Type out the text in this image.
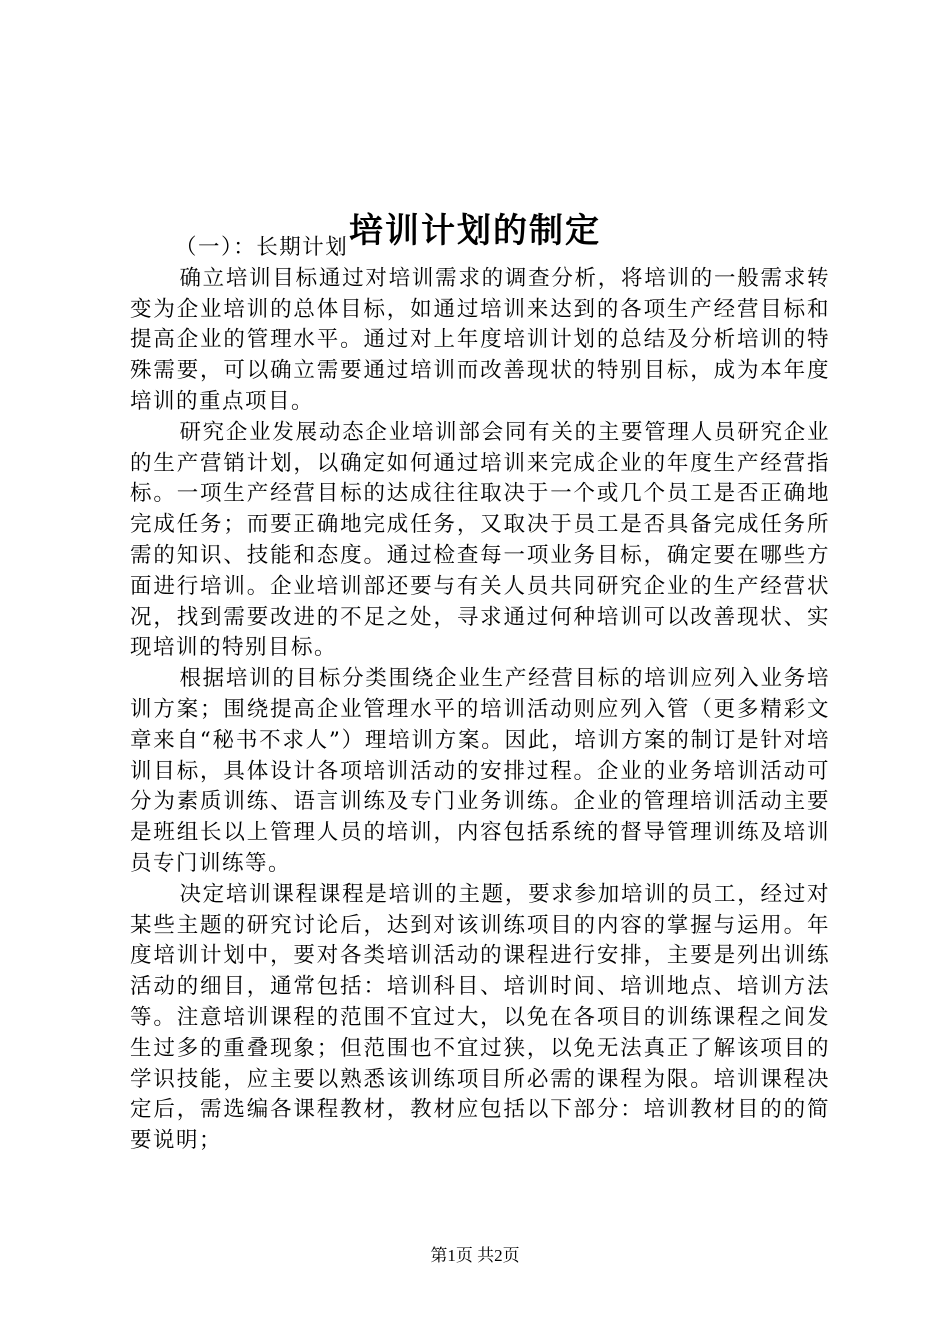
培训计划的制定

（一）：长期计划

确立培训目标通过对培训需求的调查分析，将培训的一般需求转变为企业培训的总体目标，如通过培训来达到的各项生产经营目标和提高企业的管理水平。通过对上年度培训计划的总结及分析培训的特殊需要，可以确立需要通过培训而改善现状的特别目标，成为本年度培训的重点项目。

研究企业发展动态企业培训部会同有关的主要管理人员研究企业的生产营销计划，以确定如何通过培训来完成企业的年度生产经营指标。一项生产经营目标的达成往往取决于一个或几个员工是否正确地完成任务；而要正确地完成任务，又取决于员工是否具备完成任务所需的知识、技能和态度。通过检查每一项业务目标，确定要在哪些方面进行培训。企业培训部还要与有关人员共同研究企业的生产经营状况，找到需要改进的不足之处，寻求通过何种培训可以改善现状、实现培训的特别目标。

根据培训的目标分类围绕企业生产经营目标的培训应列入业务培训方案；围绕提高企业管理水平的培训活动则应列入管（更多精彩文章来自“秘书不求人”）理培训方案。因此，培训方案的制订是针对培训目标，具体设计各项培训活动的安排过程。企业的业务培训活动可分为素质训练、语言训练及专门业务训练。企业的管理培训活动主要是班组长以上管理人员的培训，内容包括系统的督导管理训练及培训员专门训练等。

决定培训课程课程是培训的主题，要求参加培训的员工，经过对某些主题的研究讨论后，达到对该训练项目的内容的掌握与运用。年度培训计划中，要对各类培训活动的课程进行安排，主要是列出训练活动的细目，通常包括：培训科目、培训时间、培训地点、培训方法等。注意培训课程的范围不宜过大，以免在各项目的训练课程之间发生过多的重叠现象；但范围也不宜过狭，以免无法真正了解该项目的学识技能，应主要以熟悉该训练项目所必需的课程为限。培训课程决定后，需选编各课程教材，教材应包括以下部分：培训教材目的的简要说明；

第1页 共2页
